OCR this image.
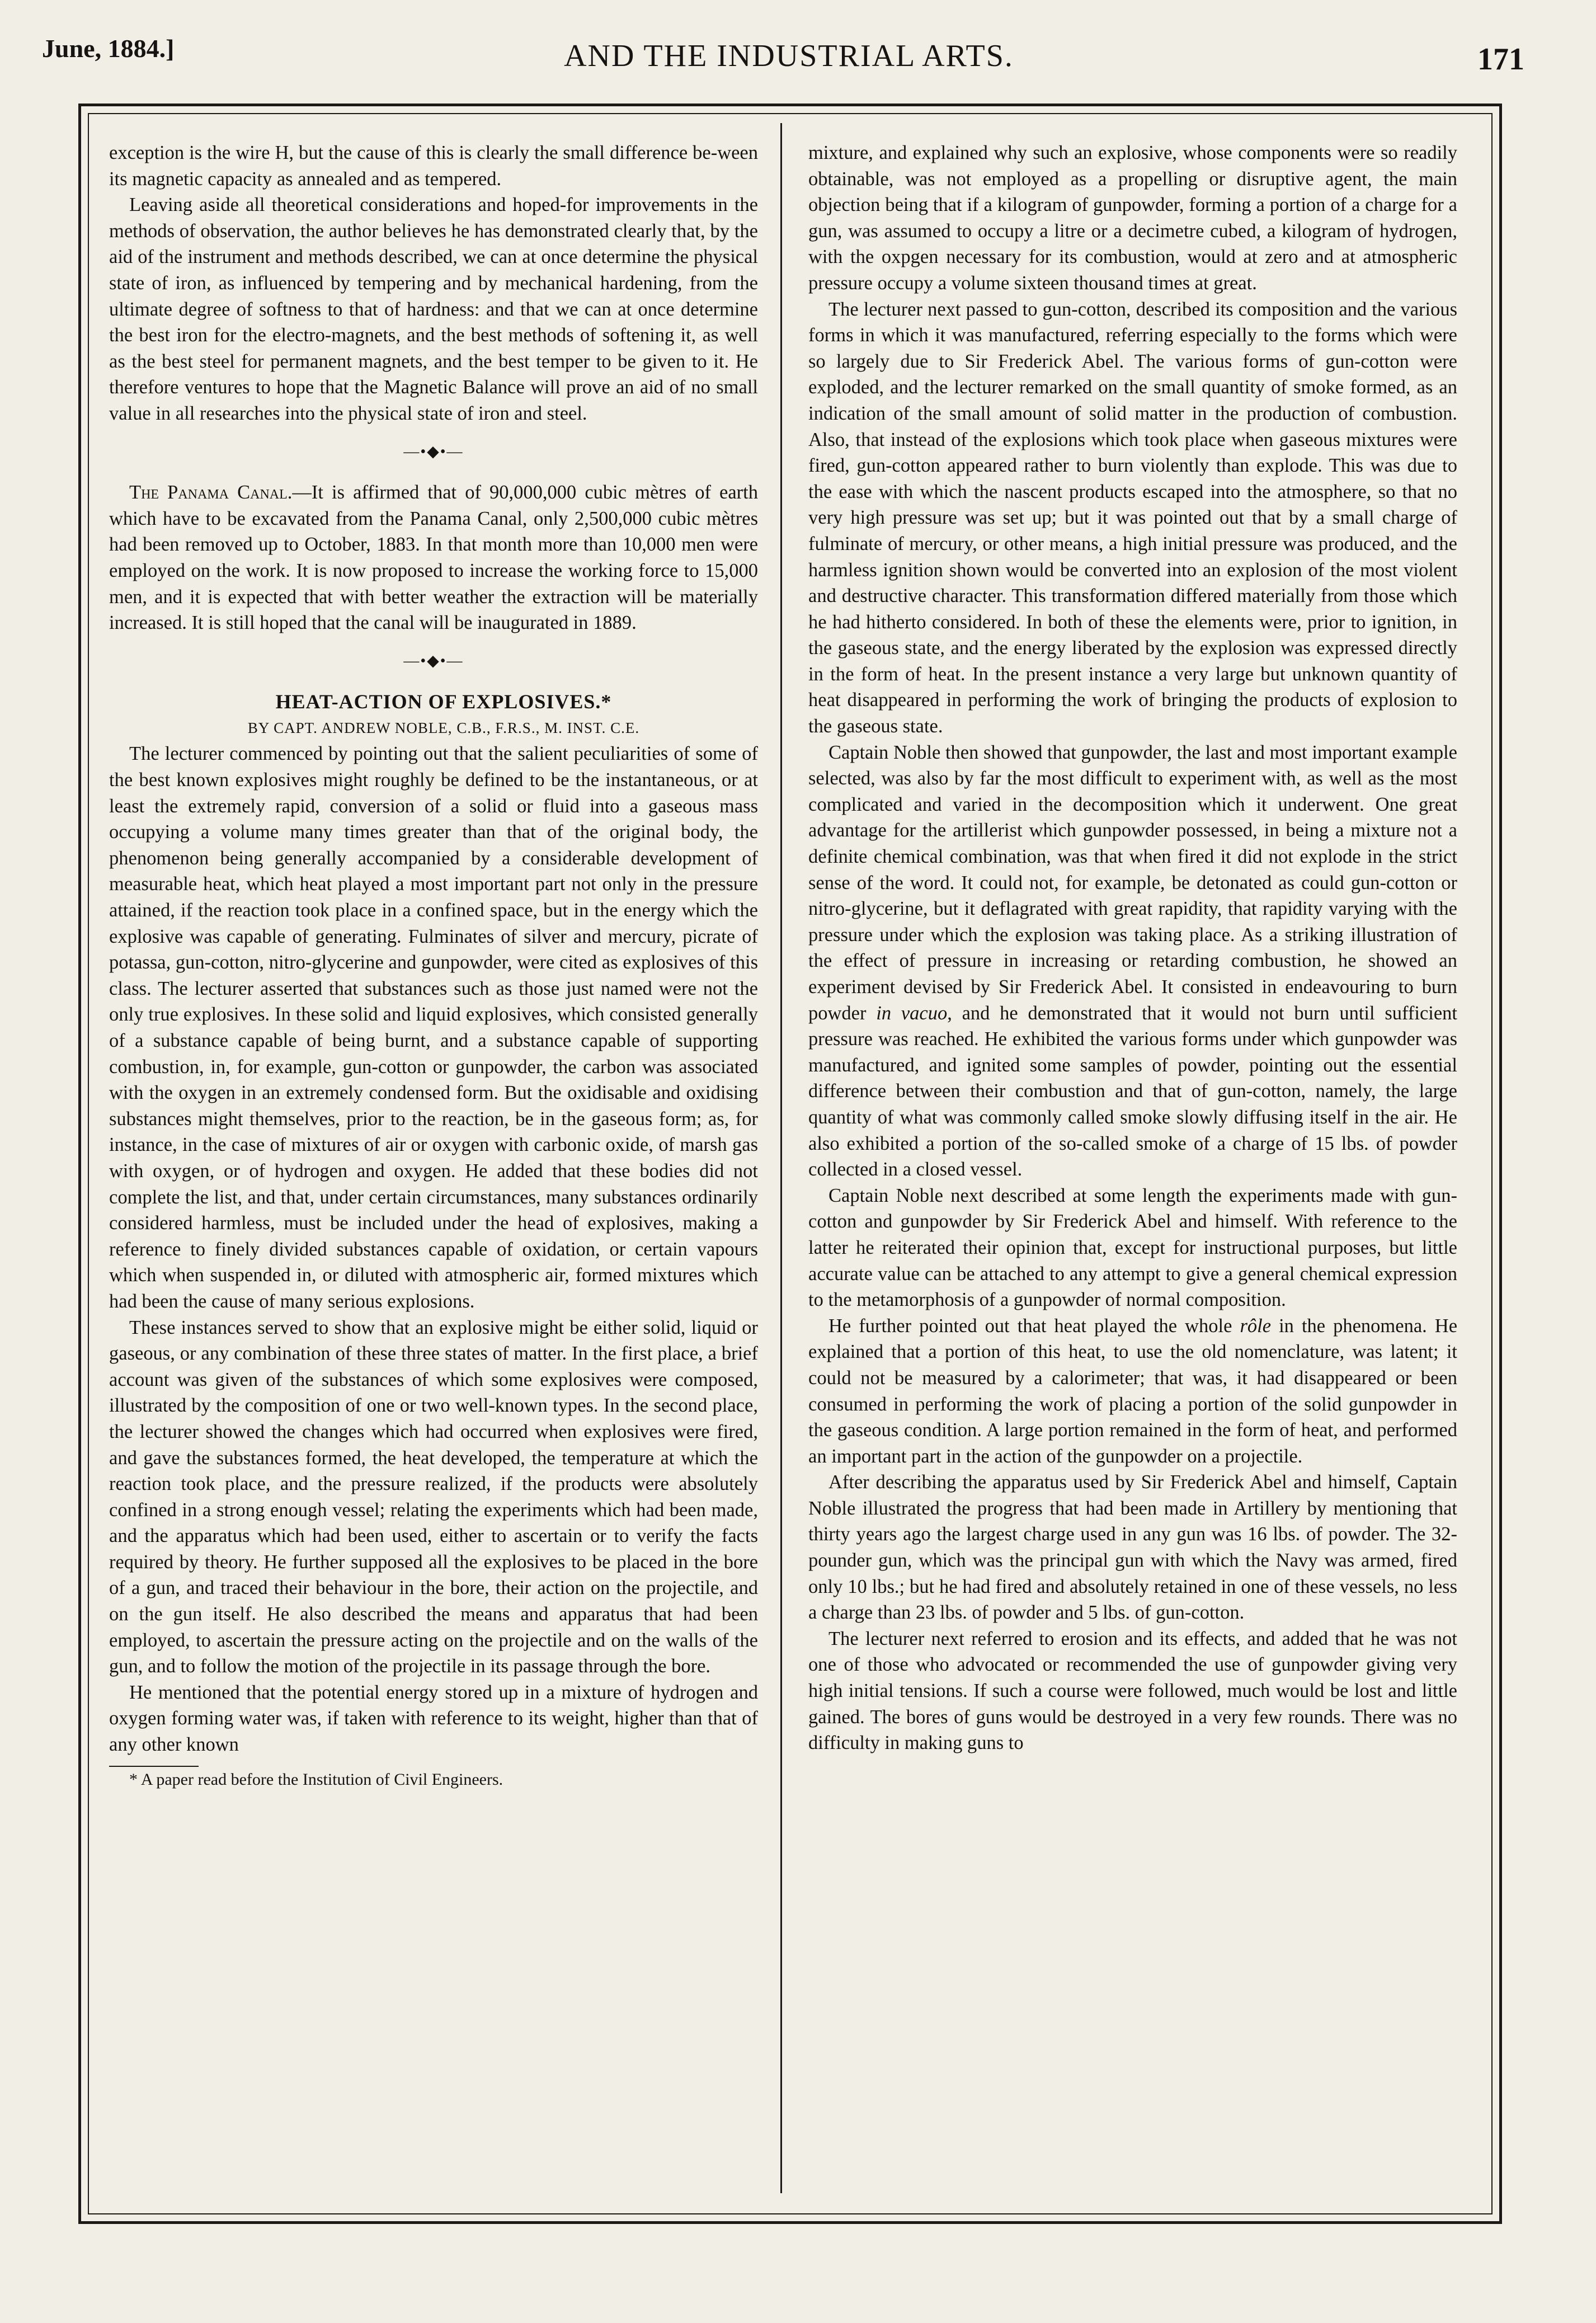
June, 1884.]	AND THE INDUSTRIAL ARTS.	171

exception is the wire H, but the cause of this is clearly the small difference be-ween its magnetic capacity as annealed and as tempered.

Leaving aside all theoretical considerations and hoped-for improvements in the methods of observation, the author believes he has demonstrated clearly that, by the aid of the instrument and methods described, we can at once determine the physical state of iron, as influenced by tempering and by mechanical hardening, from the ultimate degree of softness to that of hardness: and that we can at once determine the best iron for the electro-magnets, and the best methods of softening it, as well as the best steel for permanent magnets, and the best temper to be given to it. He therefore ventures to hope that the Magnetic Balance will prove an aid of no small value in all researches into the physical state of iron and steel.

—•◆•—

The Panama Canal.—It is affirmed that of 90,000,000 cubic mètres of earth which have to be excavated from the Panama Canal, only 2,500,000 cubic mètres had been removed up to October, 1883. In that month more than 10,000 men were employed on the work. It is now proposed to increase the working force to 15,000 men, and it is expected that with better weather the extraction will be materially increased. It is still hoped that the canal will be inaugurated in 1889.

—•◆•—

HEAT-ACTION OF EXPLOSIVES.*

BY CAPT. ANDREW NOBLE, C.B., F.R.S., M. INST. C.E.

The lecturer commenced by pointing out that the salient peculiarities of some of the best known explosives might roughly be defined to be the instantaneous, or at least the extremely rapid, conversion of a solid or fluid into a gaseous mass occupying a volume many times greater than that of the original body, the phenomenon being generally accompanied by a considerable development of measurable heat, which heat played a most important part not only in the pressure attained, if the reaction took place in a confined space, but in the energy which the explosive was capable of generating. Fulminates of silver and mercury, picrate of potassa, gun-cotton, nitro-glycerine and gunpowder, were cited as explosives of this class. The lecturer asserted that substances such as those just named were not the only true explosives. In these solid and liquid explosives, which consisted generally of a substance capable of being burnt, and a substance capable of supporting combustion, in, for example, gun-cotton or gunpowder, the carbon was associated with the oxygen in an extremely condensed form. But the oxidisable and oxidising substances might themselves, prior to the reaction, be in the gaseous form; as, for instance, in the case of mixtures of air or oxygen with carbonic oxide, of marsh gas with oxygen, or of hydrogen and oxygen. He added that these bodies did not complete the list, and that, under certain circumstances, many substances ordinarily considered harmless, must be included under the head of explosives, making a reference to finely divided substances capable of oxidation, or certain vapours which when suspended in, or diluted with atmospheric air, formed mixtures which had been the cause of many serious explosions.

These instances served to show that an explosive might be either solid, liquid or gaseous, or any combination of these three states of matter. In the first place, a brief account was given of the substances of which some explosives were composed, illustrated by the composition of one or two well-known types. In the second place, the lecturer showed the changes which had occurred when explosives were fired, and gave the substances formed, the heat developed, the temperature at which the reaction took place, and the pressure realized, if the products were absolutely confined in a strong enough vessel; relating the experiments which had been made, and the apparatus which had been used, either to ascertain or to verify the facts required by theory. He further supposed all the explosives to be placed in the bore of a gun, and traced their behaviour in the bore, their action on the projectile, and on the gun itself. He also described the means and apparatus that had been employed, to ascertain the pressure acting on the projectile and on the walls of the gun, and to follow the motion of the projectile in its passage through the bore.

He mentioned that the potential energy stored up in a mixture of hydrogen and oxygen forming water was, if taken with reference to its weight, higher than that of any other known

* A paper read before the Institution of Civil Engineers.

mixture, and explained why such an explosive, whose components were so readily obtainable, was not employed as a propelling or disruptive agent, the main objection being that if a kilogram of gunpowder, forming a portion of a charge for a gun, was assumed to occupy a litre or a decimetre cubed, a kilogram of hydrogen, with the oxpgen necessary for its combustion, would at zero and at atmospheric pressure occupy a volume sixteen thousand times at great.

The lecturer next passed to gun-cotton, described its composition and the various forms in which it was manufactured, referring especially to the forms which were so largely due to Sir Frederick Abel. The various forms of gun-cotton were exploded, and the lecturer remarked on the small quantity of smoke formed, as an indication of the small amount of solid matter in the production of combustion. Also, that instead of the explosions which took place when gaseous mixtures were fired, gun-cotton appeared rather to burn violently than explode. This was due to the ease with which the nascent products escaped into the atmosphere, so that no very high pressure was set up; but it was pointed out that by a small charge of fulminate of mercury, or other means, a high initial pressure was produced, and the harmless ignition shown would be converted into an explosion of the most violent and destructive character. This transformation differed materially from those which he had hitherto considered. In both of these the elements were, prior to ignition, in the gaseous state, and the energy liberated by the explosion was expressed directly in the form of heat. In the present instance a very large but unknown quantity of heat disappeared in performing the work of bringing the products of explosion to the gaseous state.

Captain Noble then showed that gunpowder, the last and most important example selected, was also by far the most difficult to experiment with, as well as the most complicated and varied in the decomposition which it underwent. One great advantage for the artillerist which gunpowder possessed, in being a mixture not a definite chemical combination, was that when fired it did not explode in the strict sense of the word. It could not, for example, be detonated as could gun-cotton or nitro-glycerine, but it deflagrated with great rapidity, that rapidity varying with the pressure under which the explosion was taking place. As a striking illustration of the effect of pressure in increasing or retarding combustion, he showed an experiment devised by Sir Frederick Abel. It consisted in endeavouring to burn powder in vacuo, and he demonstrated that it would not burn until sufficient pressure was reached. He exhibited the various forms under which gunpowder was manufactured, and ignited some samples of powder, pointing out the essential difference between their combustion and that of gun-cotton, namely, the large quantity of what was commonly called smoke slowly diffusing itself in the air. He also exhibited a portion of the so-called smoke of a charge of 15 lbs. of powder collected in a closed vessel.

Captain Noble next described at some length the experiments made with gun-cotton and gunpowder by Sir Frederick Abel and himself. With reference to the latter he reiterated their opinion that, except for instructional purposes, but little accurate value can be attached to any attempt to give a general chemical expression to the metamorphosis of a gunpowder of normal composition.

He further pointed out that heat played the whole rôle in the phenomena. He explained that a portion of this heat, to use the old nomenclature, was latent; it could not be measured by a calorimeter; that was, it had disappeared or been consumed in performing the work of placing a portion of the solid gunpowder in the gaseous condition. A large portion remained in the form of heat, and performed an important part in the action of the gunpowder on a projectile.

After describing the apparatus used by Sir Frederick Abel and himself, Captain Noble illustrated the progress that had been made in Artillery by mentioning that thirty years ago the largest charge used in any gun was 16 lbs. of powder. The 32-pounder gun, which was the principal gun with which the Navy was armed, fired only 10 lbs.; but he had fired and absolutely retained in one of these vessels, no less a charge than 23 lbs. of powder and 5 lbs. of gun-cotton.

The lecturer next referred to erosion and its effects, and added that he was not one of those who advocated or recommended the use of gunpowder giving very high initial tensions. If such a course were followed, much would be lost and little gained. The bores of guns would be destroyed in a very few rounds. There was no difficulty in making guns to
